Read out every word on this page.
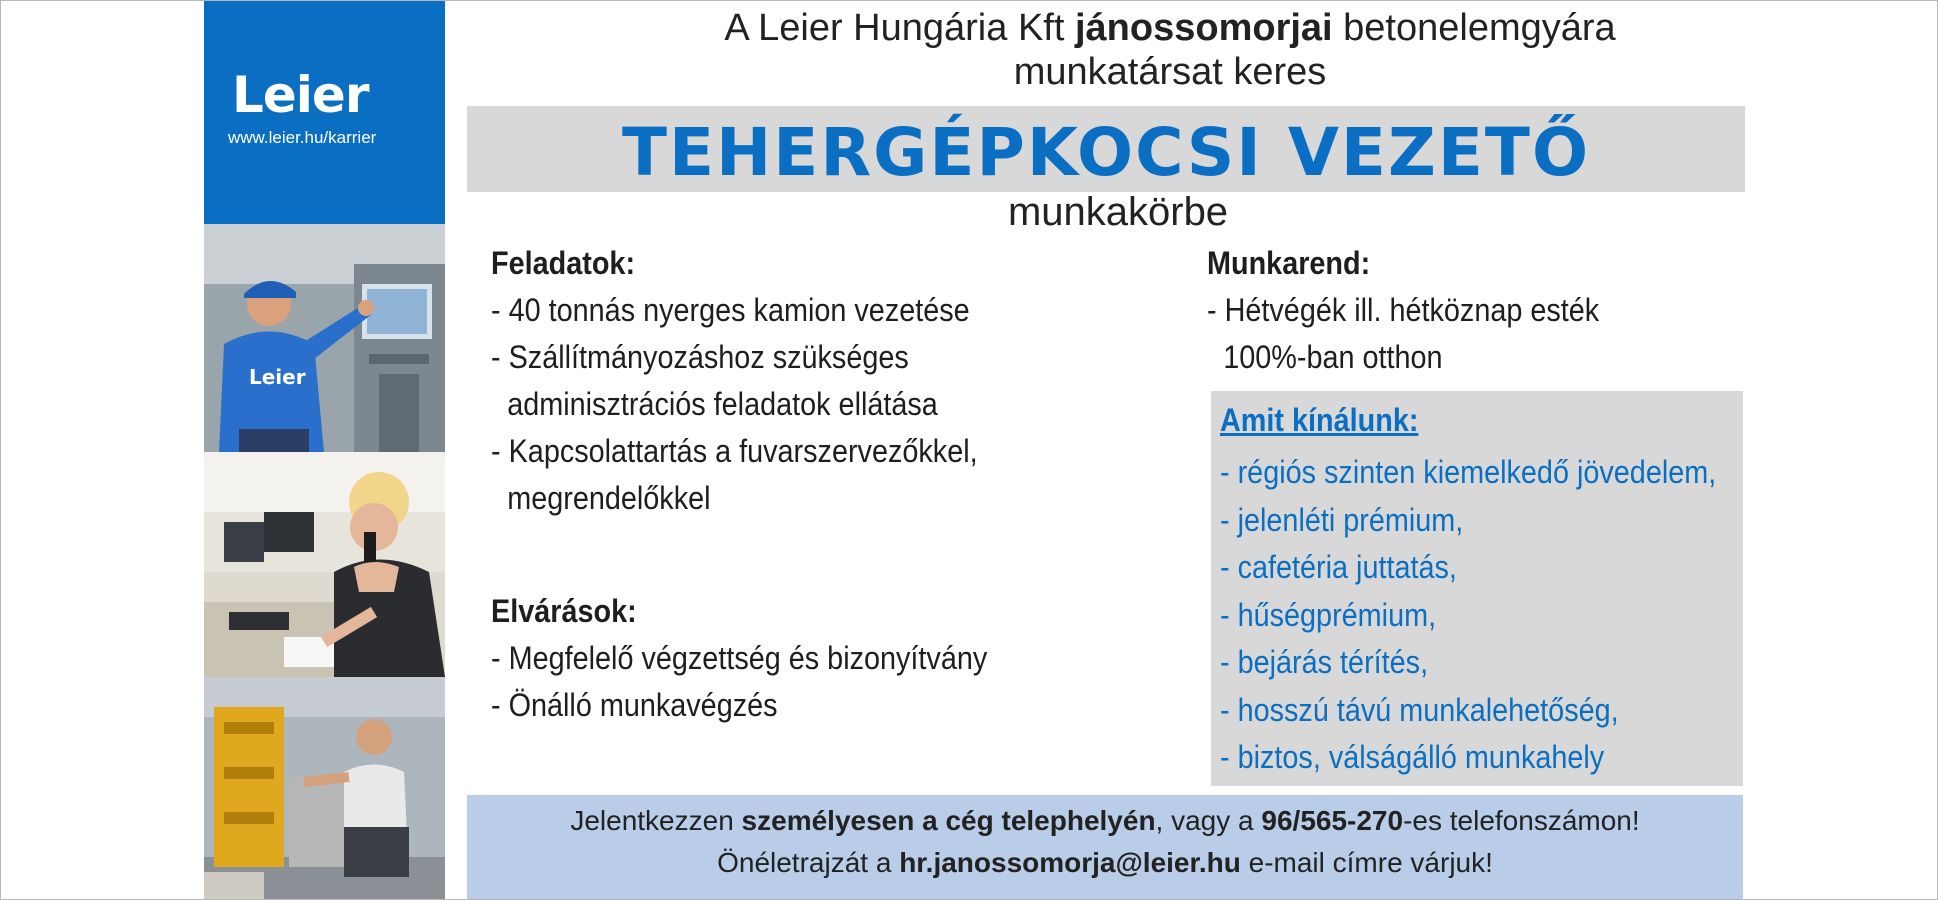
Leier
www.leier.hu/karrier
Leier
A Leier Hungária Kft jánossomorjai betonelemgyára
munkatársat keres
TEHERGÉPKOCSI VEZETŐ
munkakörbe
Feladatok:
- 40 tonnás nyerges kamion vezetése
- Szállítmányozáshoz szükséges
adminisztrációs feladatok ellátása
- Kapcsolattartás a fuvarszervezőkkel,
megrendelőkkel
Elvárások:
- Megfelelő végzettség és bizonyítvány
- Önálló munkavégzés
Munkarend:
- Hétvégék ill. hétköznap esték
100%-ban otthon
Amit kínálunk:
- régiós szinten kiemelkedő jövedelem,
- jelenléti prémium,
- cafetéria juttatás,
- hűségprémium,
- bejárás térítés,
- hosszú távú munkalehetőség,
- biztos, válságálló munkahely
Jelentkezzen személyesen a cég telephelyén, vagy a 96/565-270-es telefonszámon!
Önéletrajzát a hr.janossomorja@leier.hu e-mail címre várjuk!
